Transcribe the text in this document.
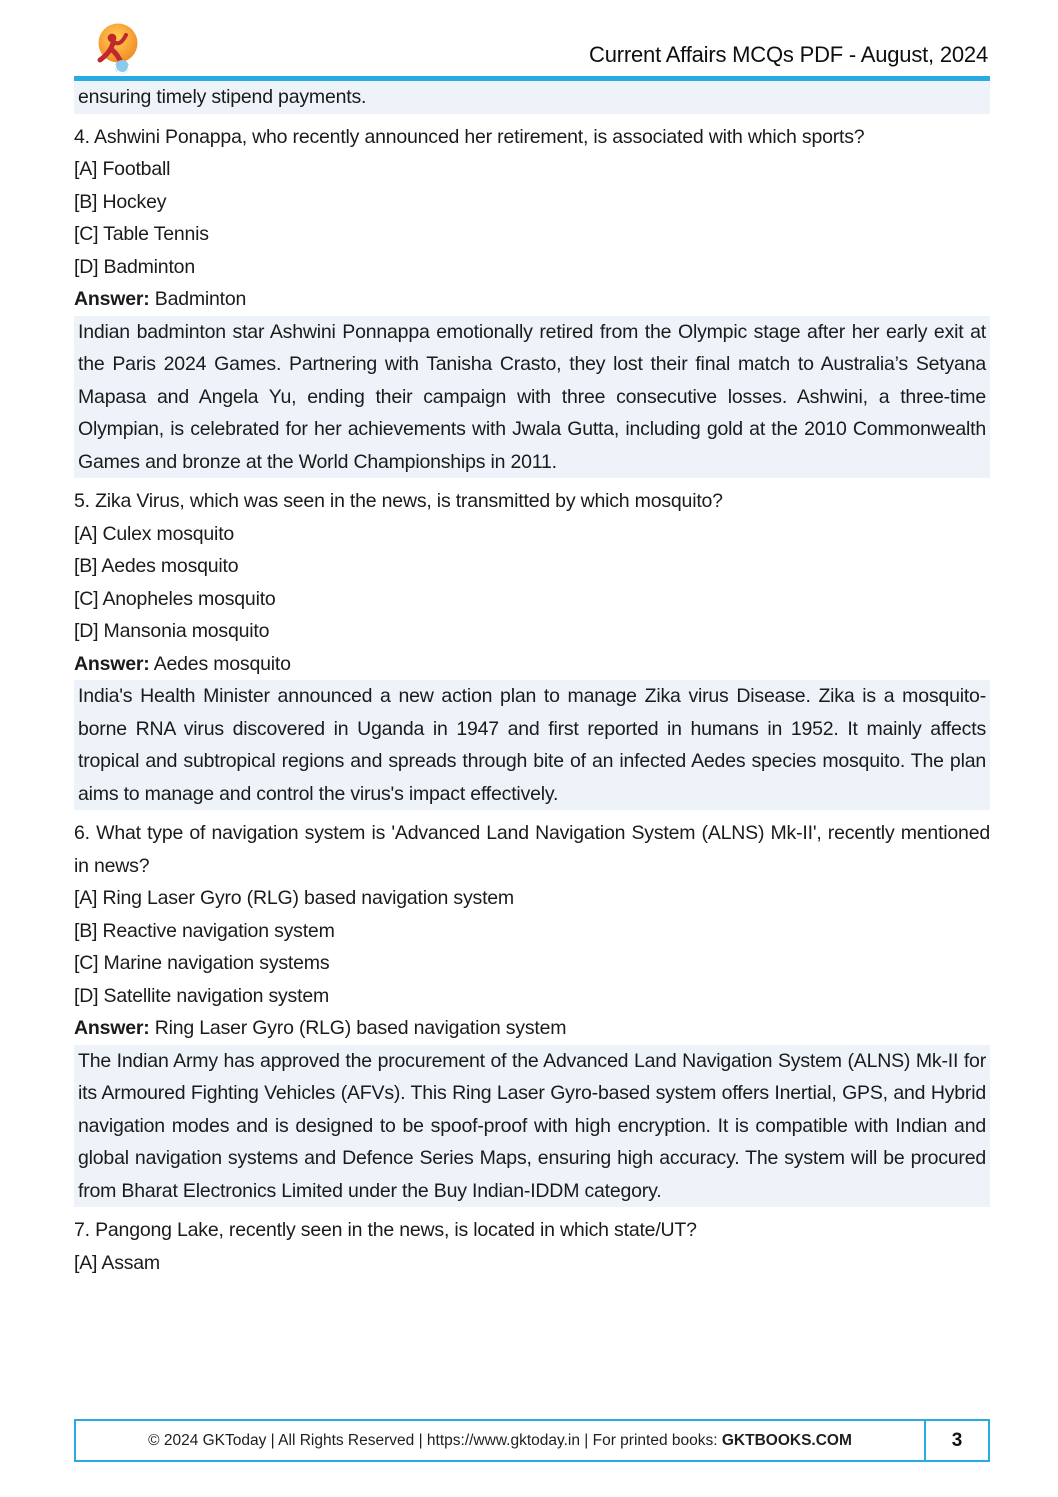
Current Affairs MCQs PDF - August, 2024

ensuring timely stipend payments.

4. Ashwini Ponappa, who recently announced her retirement, is associated with which sports?

[A] Football

[B] Hockey

[C] Table Tennis

[D] Badminton

Answer: Badminton

Indian badminton star Ashwini Ponnappa emotionally retired from the Olympic stage after her early exit at the Paris 2024 Games. Partnering with Tanisha Crasto, they lost their final match to Australia’s Setyana Mapasa and Angela Yu, ending their campaign with three consecutive losses. Ashwini, a three-time Olympian, is celebrated for her achievements with Jwala Gutta, including gold at the 2010 Commonwealth Games and bronze at the World Championships in 2011.

5. Zika Virus, which was seen in the news, is transmitted by which mosquito?

[A] Culex mosquito

[B] Aedes mosquito

[C] Anopheles mosquito

[D] Mansonia mosquito

Answer: Aedes mosquito

India's Health Minister announced a new action plan to manage Zika virus Disease. Zika is a mosquito-borne RNA virus discovered in Uganda in 1947 and first reported in humans in 1952. It mainly affects tropical and subtropical regions and spreads through bite of an infected Aedes species mosquito. The plan aims to manage and control the virus's impact effectively.

6. What type of navigation system is 'Advanced Land Navigation System (ALNS) Mk-II', recently mentioned in news?

[A] Ring Laser Gyro (RLG) based navigation system

[B] Reactive navigation system

[C] Marine navigation systems

[D] Satellite navigation system

Answer: Ring Laser Gyro (RLG) based navigation system

The Indian Army has approved the procurement of the Advanced Land Navigation System (ALNS) Mk-II for its Armoured Fighting Vehicles (AFVs). This Ring Laser Gyro-based system offers Inertial, GPS, and Hybrid navigation modes and is designed to be spoof-proof with high encryption. It is compatible with Indian and global navigation systems and Defence Series Maps, ensuring high accuracy. The system will be procured from Bharat Electronics Limited under the Buy Indian-IDDM category.

7. Pangong Lake, recently seen in the news, is located in which state/UT?

[A] Assam

© 2024 GKToday | All Rights Reserved | https://www.gktoday.in | For printed books: GKTBOOKS.COM	3
